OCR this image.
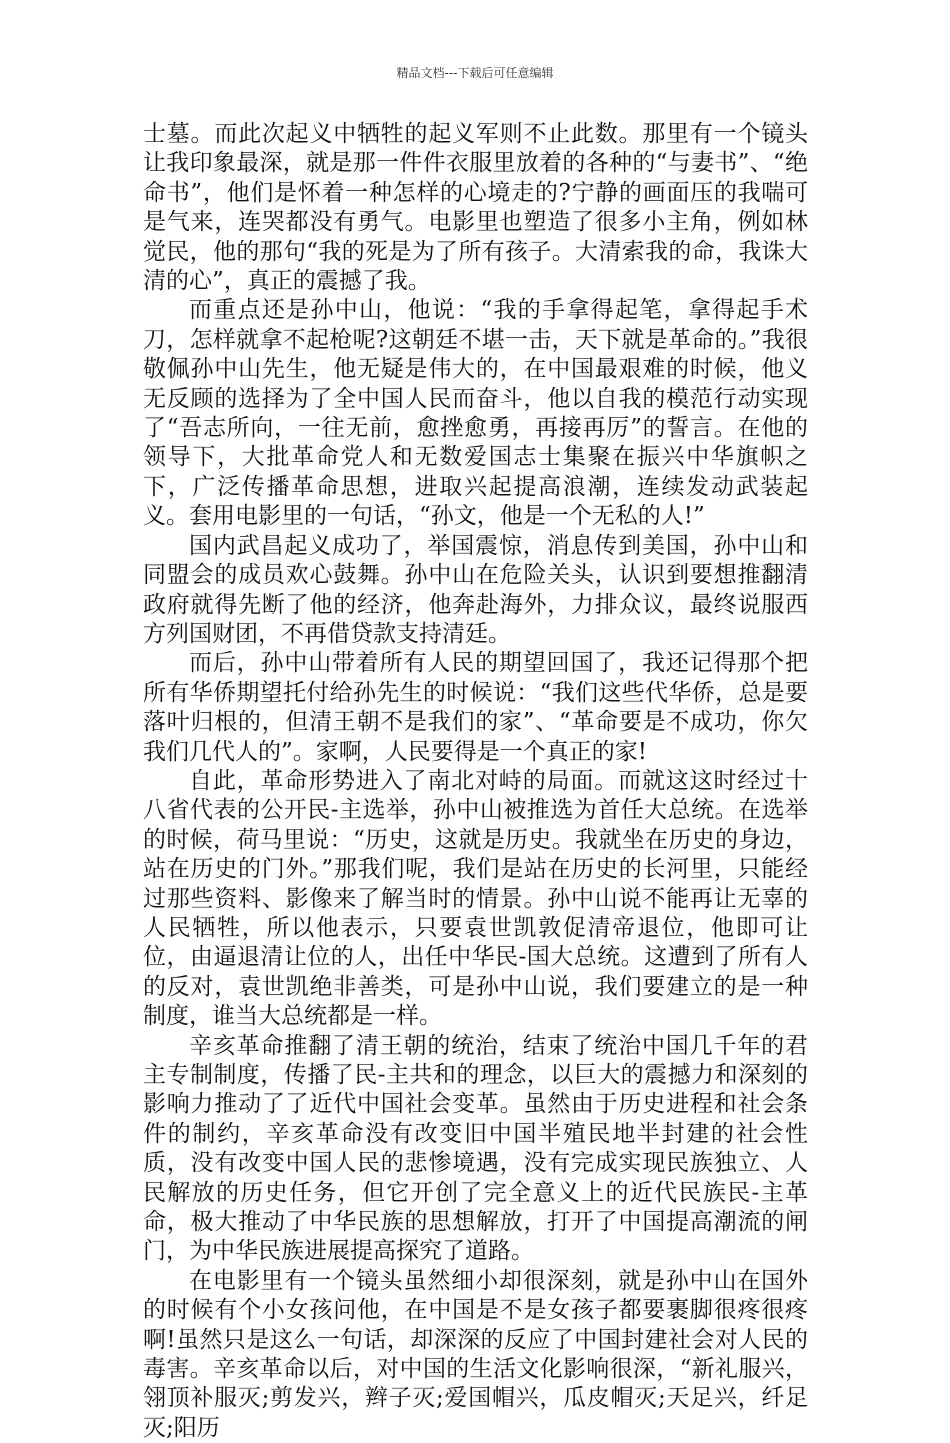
精品文档---下载后可任意编辑

士墓。而此次起义中牺牲的起义军则不止此数。那里有一个镜头让我印象最深，就是那一件件衣服里放着的各种的“与妻书”、“绝命书”，他们是怀着一种怎样的心境走的?宁静的画面压的我喘可是气来，连哭都没有勇气。电影里也塑造了很多小主角，例如林觉民，他的那句“我的死是为了所有孩子。大清索我的命，我诛大清的心”，真正的震撼了我。

而重点还是孙中山，他说：“我的手拿得起笔，拿得起手术刀，怎样就拿不起枪呢?这朝廷不堪一击，天下就是革命的。”我很敬佩孙中山先生，他无疑是伟大的，在中国最艰难的时候，他义无反顾的选择为了全中国人民而奋斗，他以自我的模范行动实现了“吾志所向，一往无前，愈挫愈勇，再接再厉”的誓言。在他的领导下，大批革命党人和无数爱国志士集聚在振兴中华旗帜之下，广泛传播革命思想，进取兴起提高浪潮，连续发动武装起义。套用电影里的一句话，“孙文，他是一个无私的人!”

国内武昌起义成功了，举国震惊，消息传到美国，孙中山和同盟会的成员欢心鼓舞。孙中山在危险关头，认识到要想推翻清政府就得先断了他的经济，他奔赴海外，力排众议，最终说服西方列国财团，不再借贷款支持清廷。

而后，孙中山带着所有人民的期望回国了，我还记得那个把所有华侨期望托付给孙先生的时候说：“我们这些代华侨，总是要落叶归根的，但清王朝不是我们的家”、“革命要是不成功，你欠我们几代人的”。家啊，人民要得是一个真正的家!

自此，革命形势进入了南北对峙的局面。而就这这时经过十八省代表的公开民-主选举，孙中山被推选为首任大总统。在选举的时候，荷马里说：“历史，这就是历史。我就坐在历史的身边，站在历史的门外。”那我们呢，我们是站在历史的长河里，只能经过那些资料、影像来了解当时的情景。孙中山说不能再让无辜的人民牺牲，所以他表示，只要袁世凯敦促清帝退位，他即可让位，由逼退清让位的人，出任中华民-国大总统。这遭到了所有人的反对，袁世凯绝非善类，可是孙中山说，我们要建立的是一种制度，谁当大总统都是一样。

辛亥革命推翻了清王朝的统治，结束了统治中国几千年的君主专制制度，传播了民-主共和的理念，以巨大的震撼力和深刻的影响力推动了了近代中国社会变革。虽然由于历史进程和社会条件的制约，辛亥革命没有改变旧中国半殖民地半封建的社会性质，没有改变中国人民的悲惨境遇，没有完成实现民族独立、人民解放的历史任务，但它开创了完全意义上的近代民族民-主革命，极大推动了中华民族的思想解放，打开了中国提高潮流的闸门，为中华民族进展提高探究了道路。

在电影里有一个镜头虽然细小却很深刻，就是孙中山在国外的时候有个小女孩问他，在中国是不是女孩子都要裹脚很疼很疼啊!虽然只是这么一句话，却深深的反应了中国封建社会对人民的毒害。辛亥革命以后，对中国的生活文化影响很深，“新礼服兴，翎顶补服灭;剪发兴，辫子灭;爱国帽兴，瓜皮帽灭;天足兴，纤足灭;阳历
